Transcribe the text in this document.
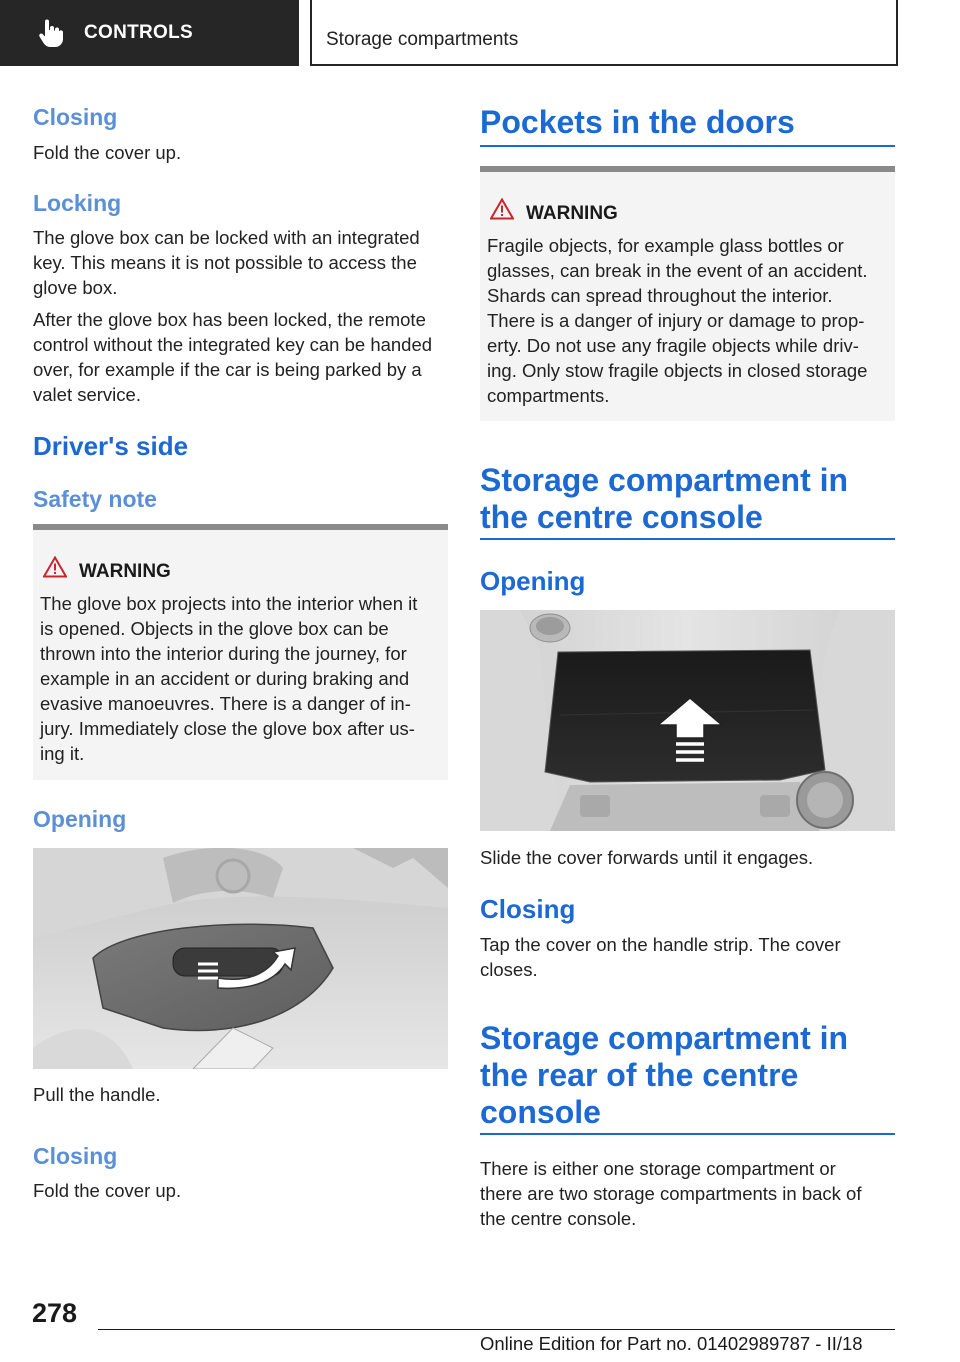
CONTROLS	Storage compartments
Closing
Fold the cover up.
Locking
The glove box can be locked with an integrated
key. This means it is not possible to access the
glove box.
After the glove box has been locked, the remote
control without the integrated key can be handed
over, for example if the car is being parked by a
valet service.
Driver's side
Safety note
WARNING
The glove box projects into the interior when it
is opened. Objects in the glove box can be
thrown into the interior during the journey, for
example in an accident or during braking and
evasive manoeuvres. There is a danger of in-
jury. Immediately close the glove box after us-
ing it.
Opening
Pull the handle.
Closing
Fold the cover up.
Pockets in the doors
WARNING
Fragile objects, for example glass bottles or
glasses, can break in the event of an accident.
Shards can spread throughout the interior.
There is a danger of injury or damage to prop-
erty. Do not use any fragile objects while driv-
ing. Only stow fragile objects in closed storage
compartments.
Storage compartment in
the centre console
Opening
Slide the cover forwards until it engages.
Closing
Tap the cover on the handle strip. The cover
closes.
Storage compartment in
the rear of the centre
console
There is either one storage compartment or
there are two storage compartments in back of
the centre console.
278
Online Edition for Part no. 01402989787 - II/18
